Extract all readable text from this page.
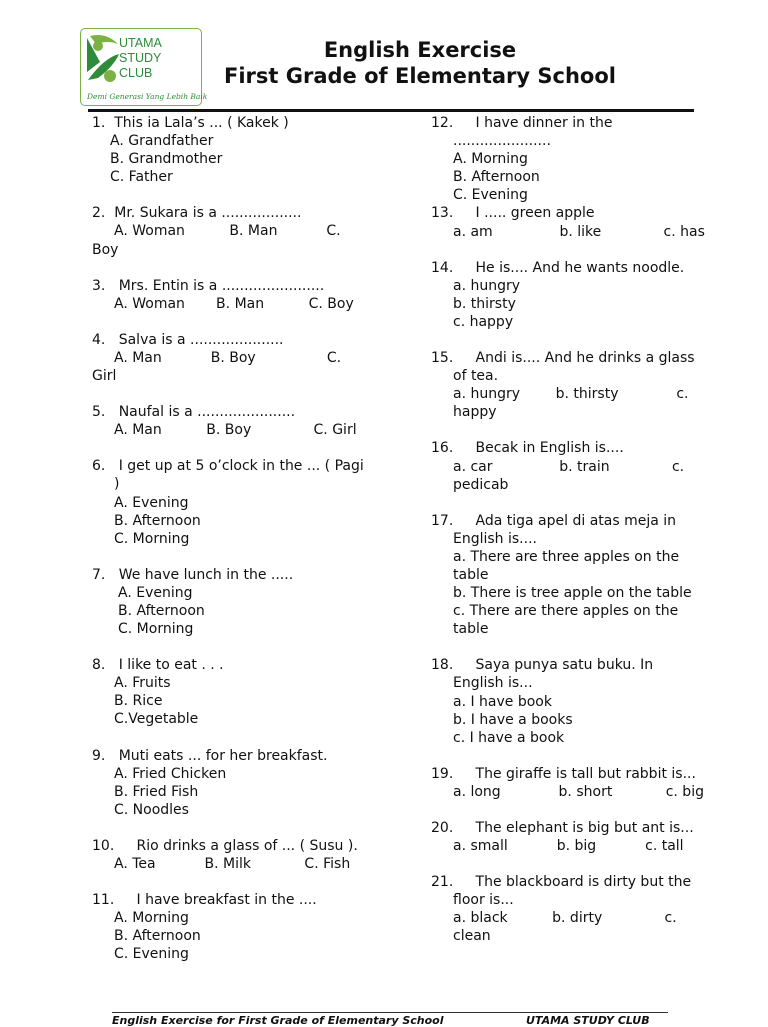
UTAMA
STUDY
CLUB
Demi Generasi Yang Lebih Baik
English Exercise
First Grade of Elementary School
1.  This ia Lala’s ... ( Kakek )
A. Grandfather
B. Grandmother
C. Father
2.  Mr. Sukara is a ..................
A. Woman          B. Man           C.
Boy
3.   Mrs. Entin is a .......................
A. Woman       B. Man          C. Boy
4.   Salva is a .....................
A. Man           B. Boy                C.
Girl
5.   Naufal is a ......................
A. Man          B. Boy              C. Girl
6.   I get up at 5 o’clock in the ... ( Pagi
)
A. Evening
B. Afternoon
C. Morning
7.   We have lunch in the .....
A. Evening
B. Afternoon
C. Morning
8.   I like to eat . . .
A. Fruits
B. Rice
C.Vegetable
9.   Muti eats ... for her breakfast.
A. Fried Chicken
B. Fried Fish
C. Noodles
10.     Rio drinks a glass of ... ( Susu ).
A. Tea           B. Milk            C. Fish
11.     I have breakfast in the ....
A. Morning
B. Afternoon
C. Evening
12.     I have dinner in the
......................
A. Morning
B. Afternoon
C. Evening
13.     I ..... green apple
a. am               b. like              c. has
14.     He is.... And he wants noodle.
a. hungry
b. thirsty
c. happy
15.     Andi is.... And he drinks a glass
of tea.
a. hungry        b. thirsty             c.
happy
16.     Becak in English is....
a. car               b. train              c.
pedicab
17.     Ada tiga apel di atas meja in
English is....
a. There are three apples on the
table
b. There is tree apple on the table
c. There are there apples on the
table
18.     Saya punya satu buku. In
English is...
a. I have book
b. I have a books
c. I have a book
19.     The giraffe is tall but rabbit is...
a. long             b. short            c. big
20.     The elephant is big but ant is...
a. small           b. big           c. tall
21.     The blackboard is dirty but the
floor is...
a. black          b. dirty              c.
clean
English Exercise for First Grade of Elementary School	UTAMA STUDY CLUB
